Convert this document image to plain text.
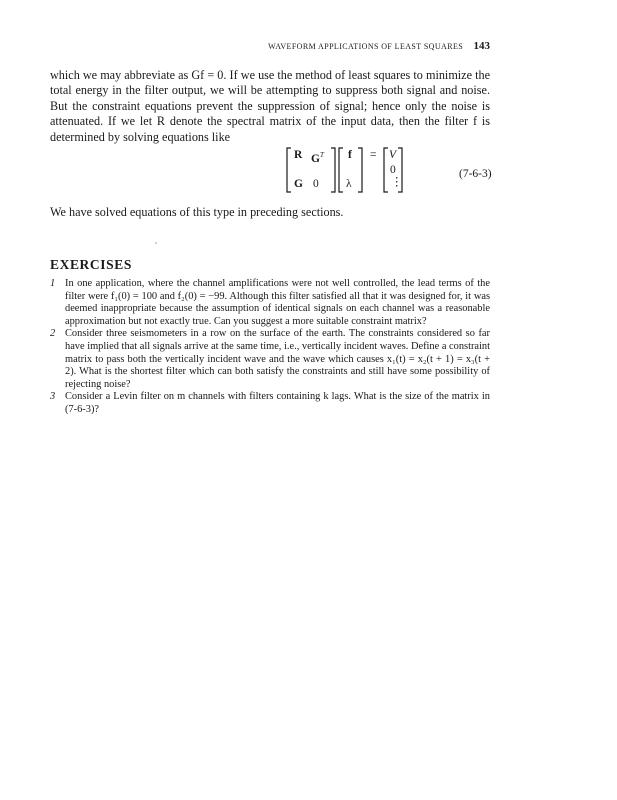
WAVEFORM APPLICATIONS OF LEAST SQUARES 143

which we may abbreviate as Gf = 0. If we use the method of least squares to minimize the total energy in the filter output, we will be attempting to suppress both signal and noise. But the constraint equations prevent the suppression of signal; hence only the noise is attenuated. If we let R denote the spectral matrix of the input data, then the filter f is determined by solving equations like

R $G^T$
G 0
f
λ
= V
0
⋮
(7-6-3)

We have solved equations of this type in preceding sections.

EXERCISES
1 In one application, where the channel amplifications were not well controlled, the lead terms of the filter were f₁(0) = 100 and f₂(0) = −99. Although this filter satisfied all that it was designed for, it was deemed inappropriate because the assumption of identical signals on each channel was a reasonable approximation but not exactly true. Can you suggest a more suitable constraint matrix?
2 Consider three seismometers in a row on the surface of the earth. The constraints considered so far have implied that all signals arrive at the same time, i.e., vertically incident waves. Define a constraint matrix to pass both the vertically incident wave and the wave which causes x₁(t) = x₂(t + 1) = x₃(t + 2). What is the shortest filter which can both satisfy the constraints and still have some possibility of rejecting noise?
3 Consider a Levin filter on m channels with filters containing k lags. What is the size of the matrix in (7-6-3)?
